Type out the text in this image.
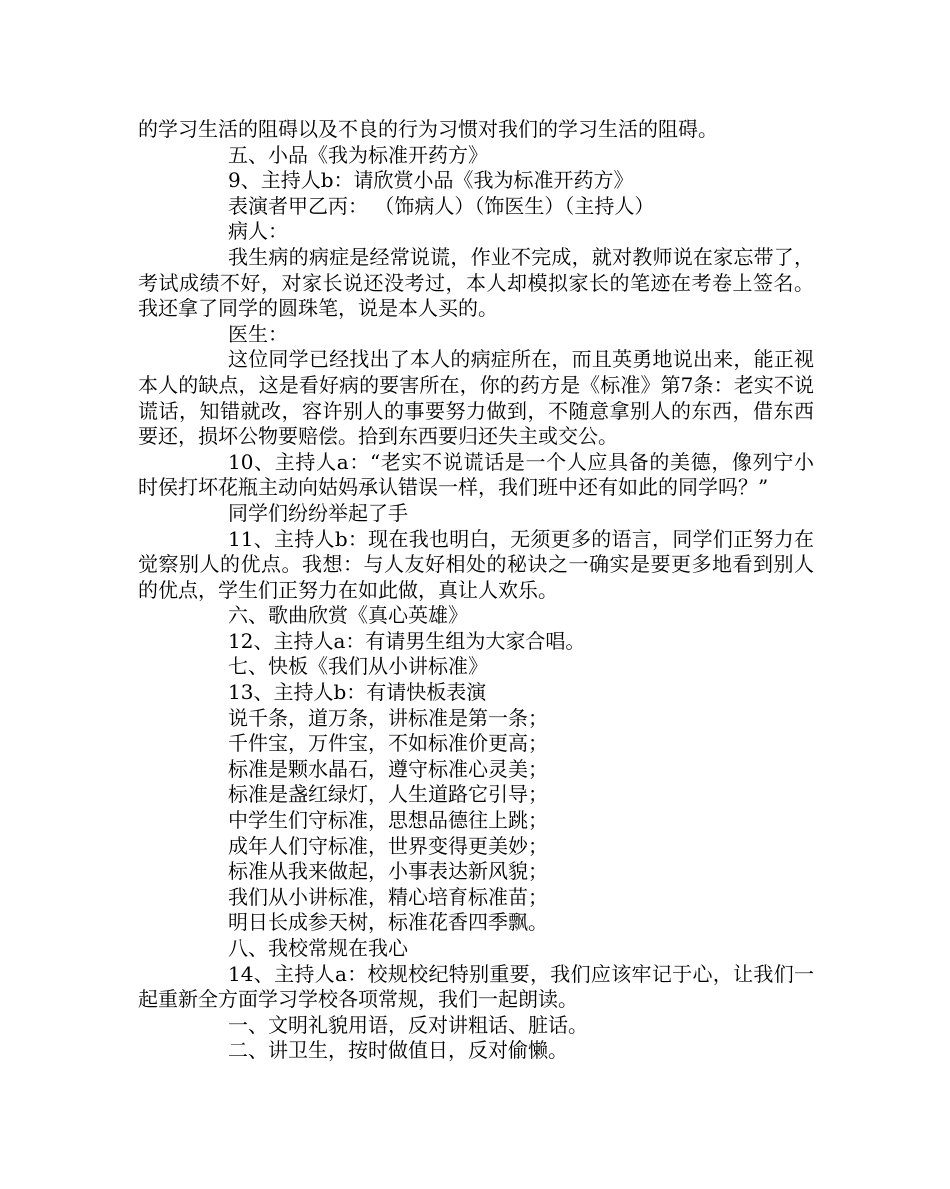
的学习生活的阻碍以及不良的行为习惯对我们的学习生活的阻碍。

五、小品《我为标准开药方》

9、主持人b：请欣赏小品《我为标准开药方》

表演者甲乙丙： （饰病人）（饰医生）（主持人）

病人：

我生病的病症是经常说谎，作业不完成，就对教师说在家忘带了，考试成绩不好，对家长说还没考过，本人却模拟家长的笔迹在考卷上签名。我还拿了同学的圆珠笔，说是本人买的。

医生：

这位同学已经找出了本人的病症所在，而且英勇地说出来，能正视本人的缺点，这是看好病的要害所在，你的药方是《标准》第7条：老实不说谎话，知错就改，容许别人的事要努力做到，不随意拿别人的东西，借东西要还，损坏公物要赔偿。拾到东西要归还失主或交公。

10、主持人a：“老实不说谎话是一个人应具备的美德，像列宁小时侯打坏花瓶主动向姑妈承认错误一样，我们班中还有如此的同学吗？”

同学们纷纷举起了手

11、主持人b：现在我也明白，无须更多的语言，同学们正努力在觉察别人的优点。我想：与人友好相处的秘诀之一确实是要更多地看到别人的优点，学生们正努力在如此做，真让人欢乐。

六、歌曲欣赏《真心英雄》

12、主持人a：有请男生组为大家合唱。

七、快板《我们从小讲标准》

13、主持人b：有请快板表演

说千条，道万条，讲标准是第一条；

千件宝，万件宝，不如标准价更高；

标准是颗水晶石，遵守标准心灵美；

标准是盏红绿灯，人生道路它引导；

中学生们守标准，思想品德往上跳；

成年人们守标准，世界变得更美妙；

标准从我来做起，小事表达新风貌；

我们从小讲标准，精心培育标准苗；

明日长成参天树，标准花香四季飘。

八、我校常规在我心

14、主持人a：校规校纪特别重要，我们应该牢记于心，让我们一起重新全方面学习学校各项常规，我们一起朗读。

一、文明礼貌用语，反对讲粗话、脏话。

二、讲卫生，按时做值日，反对偷懒。
